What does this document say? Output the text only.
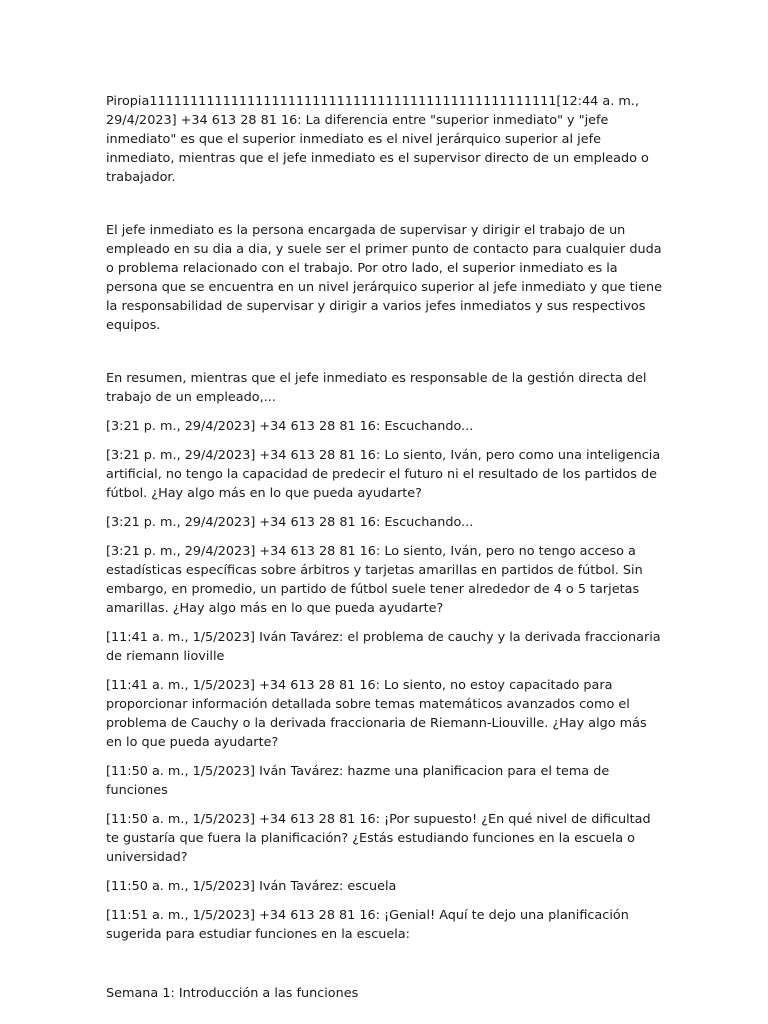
Piropia11111111111111111111111111111111111111111111111111[12:44 a. m., 29/4/2023] +34 613 28 81 16: La diferencia entre "superior inmediato" y "jefe inmediato" es que el superior inmediato es el nivel jerárquico superior al jefe inmediato, mientras que el jefe inmediato es el supervisor directo de un empleado o trabajador.

El jefe inmediato es la persona encargada de supervisar y dirigir el trabajo de un empleado en su dia a dia, y suele ser el primer punto de contacto para cualquier duda o problema relacionado con el trabajo. Por otro lado, el superior inmediato es la persona que se encuentra en un nivel jerárquico superior al jefe inmediato y que tiene la responsabilidad de supervisar y dirigir a varios jefes inmediatos y sus respectivos equipos.

En resumen, mientras que el jefe inmediato es responsable de la gestión directa del trabajo de un empleado,...

[3:21 p. m., 29/4/2023] +34 613 28 81 16: Escuchando...

[3:21 p. m., 29/4/2023] +34 613 28 81 16: Lo siento, Iván, pero como una inteligencia artificial, no tengo la capacidad de predecir el futuro ni el resultado de los partidos de fútbol. ¿Hay algo más en lo que pueda ayudarte?

[3:21 p. m., 29/4/2023] +34 613 28 81 16: Escuchando...

[3:21 p. m., 29/4/2023] +34 613 28 81 16: Lo siento, Iván, pero no tengo acceso a estadísticas específicas sobre árbitros y tarjetas amarillas en partidos de fútbol. Sin embargo, en promedio, un partido de fútbol suele tener alrededor de 4 o 5 tarjetas amarillas. ¿Hay algo más en lo que pueda ayudarte?

[11:41 a. m., 1/5/2023] Iván Tavárez: el problema de cauchy y la derivada fraccionaria de riemann lioville

[11:41 a. m., 1/5/2023] +34 613 28 81 16: Lo siento, no estoy capacitado para proporcionar información detallada sobre temas matemáticos avanzados como el problema de Cauchy o la derivada fraccionaria de Riemann-Liouville. ¿Hay algo más en lo que pueda ayudarte?

[11:50 a. m., 1/5/2023] Iván Tavárez: hazme una planificacion para el tema de funciones

[11:50 a. m., 1/5/2023] +34 613 28 81 16: ¡Por supuesto! ¿En qué nivel de dificultad te gustaría que fuera la planificación? ¿Estás estudiando funciones en la escuela o universidad?

[11:50 a. m., 1/5/2023] Iván Tavárez: escuela

[11:51 a. m., 1/5/2023] +34 613 28 81 16: ¡Genial! Aquí te dejo una planificación sugerida para estudiar funciones en la escuela:

Semana 1: Introducción a las funciones
